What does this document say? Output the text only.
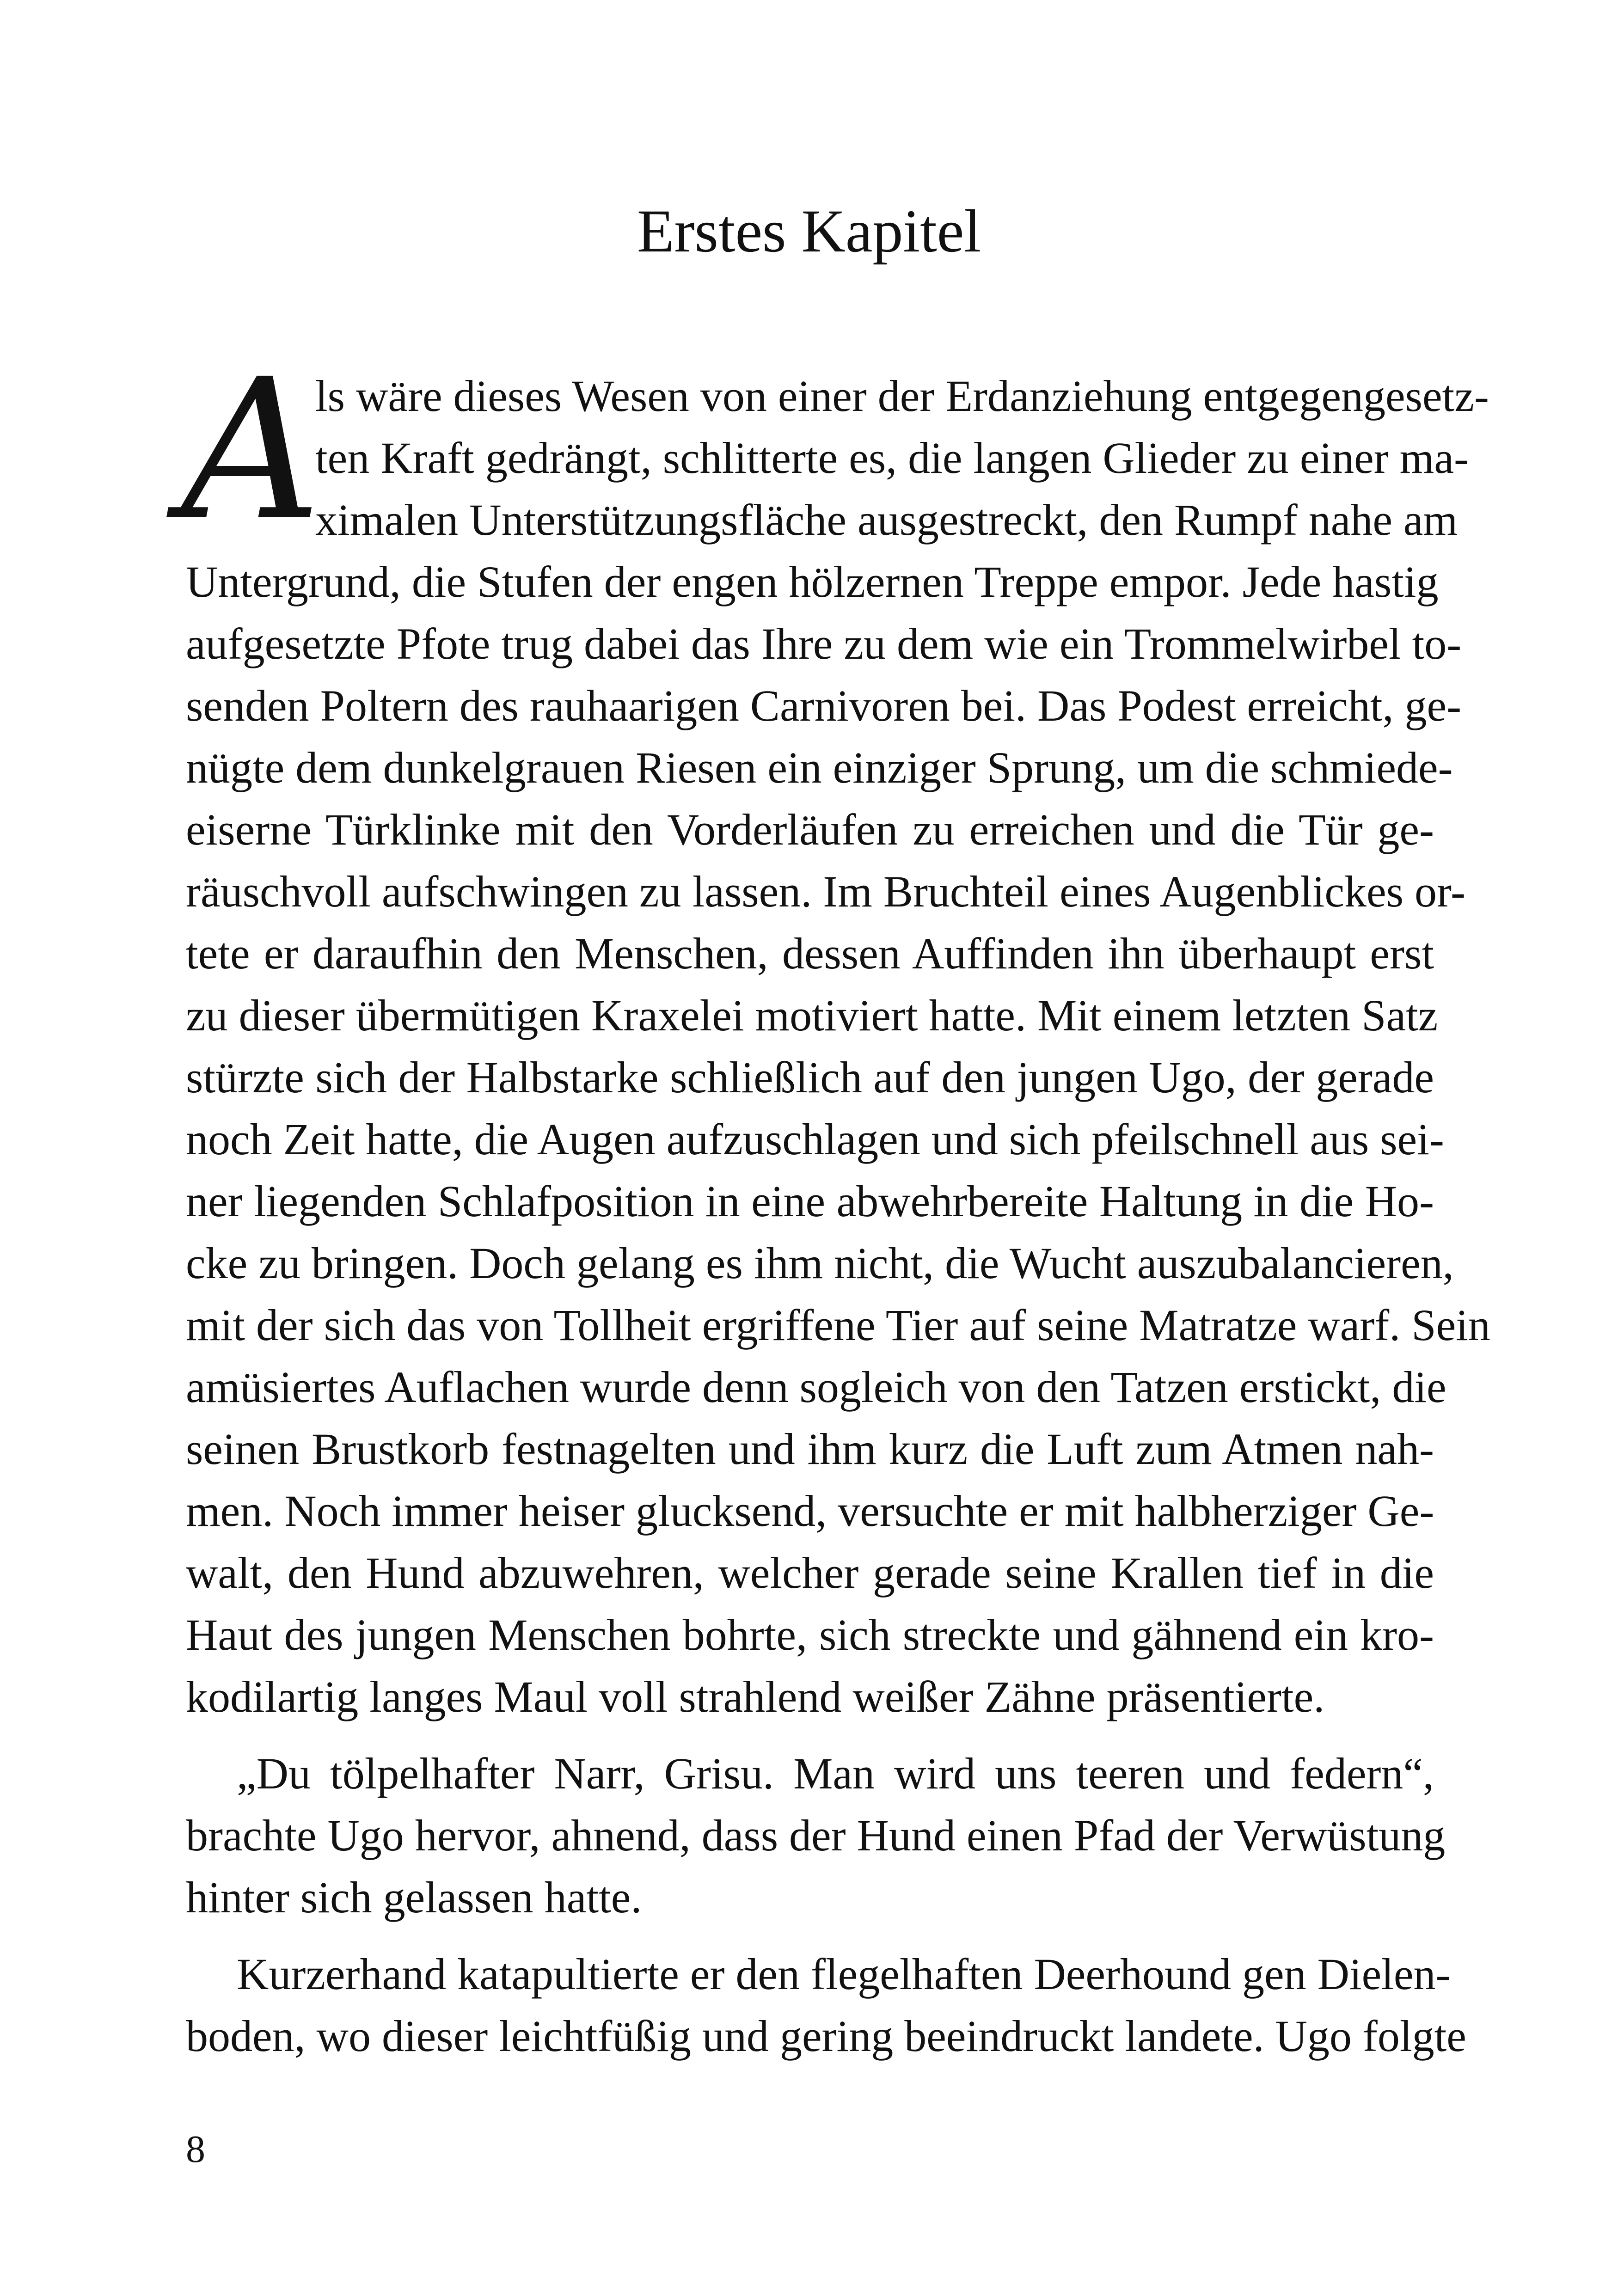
Erstes Kapitel
A
ls wäre dieses Wesen von einer der Erdanziehung entgegengesetz-
ten Kraft gedrängt, schlitterte es, die langen Glieder zu einer ma-
ximalen Unterstützungsfläche ausgestreckt, den Rumpf nahe am
Untergrund, die Stufen der engen hölzernen Treppe empor. Jede hastig
aufgesetzte Pfote trug dabei das Ihre zu dem wie ein Trommelwirbel to-
senden Poltern des rauhaarigen Carnivoren bei. Das Podest erreicht, ge-
nügte dem dunkelgrauen Riesen ein einziger Sprung, um die schmiede-
eiserne Türklinke mit den Vorderläufen zu erreichen und die Tür ge-
räuschvoll aufschwingen zu lassen. Im Bruchteil eines Augenblickes or-
tete er daraufhin den Menschen, dessen Auffinden ihn überhaupt erst
zu dieser übermütigen Kraxelei motiviert hatte. Mit einem letzten Satz
stürzte sich der Halbstarke schließlich auf den jungen Ugo, der gerade
noch Zeit hatte, die Augen aufzuschlagen und sich pfeilschnell aus sei-
ner liegenden Schlafposition in eine abwehrbereite Haltung in die Ho-
cke zu bringen. Doch gelang es ihm nicht, die Wucht auszubalancieren,
mit der sich das von Tollheit ergriffene Tier auf seine Matratze warf. Sein
amüsiertes Auflachen wurde denn sogleich von den Tatzen erstickt, die
seinen Brustkorb festnagelten und ihm kurz die Luft zum Atmen nah-
men. Noch immer heiser glucksend, versuchte er mit halbherziger Ge-
walt, den Hund abzuwehren, welcher gerade seine Krallen tief in die
Haut des jungen Menschen bohrte, sich streckte und gähnend ein kro-
kodilartig langes Maul voll strahlend weißer Zähne präsentierte.
„Du tölpelhafter Narr, Grisu. Man wird uns teeren und federn“,
brachte Ugo hervor, ahnend, dass der Hund einen Pfad der Verwüstung
hinter sich gelassen hatte.
Kurzerhand katapultierte er den flegelhaften Deerhound gen Dielen-
boden, wo dieser leichtfüßig und gering beeindruckt landete. Ugo folgte
8
